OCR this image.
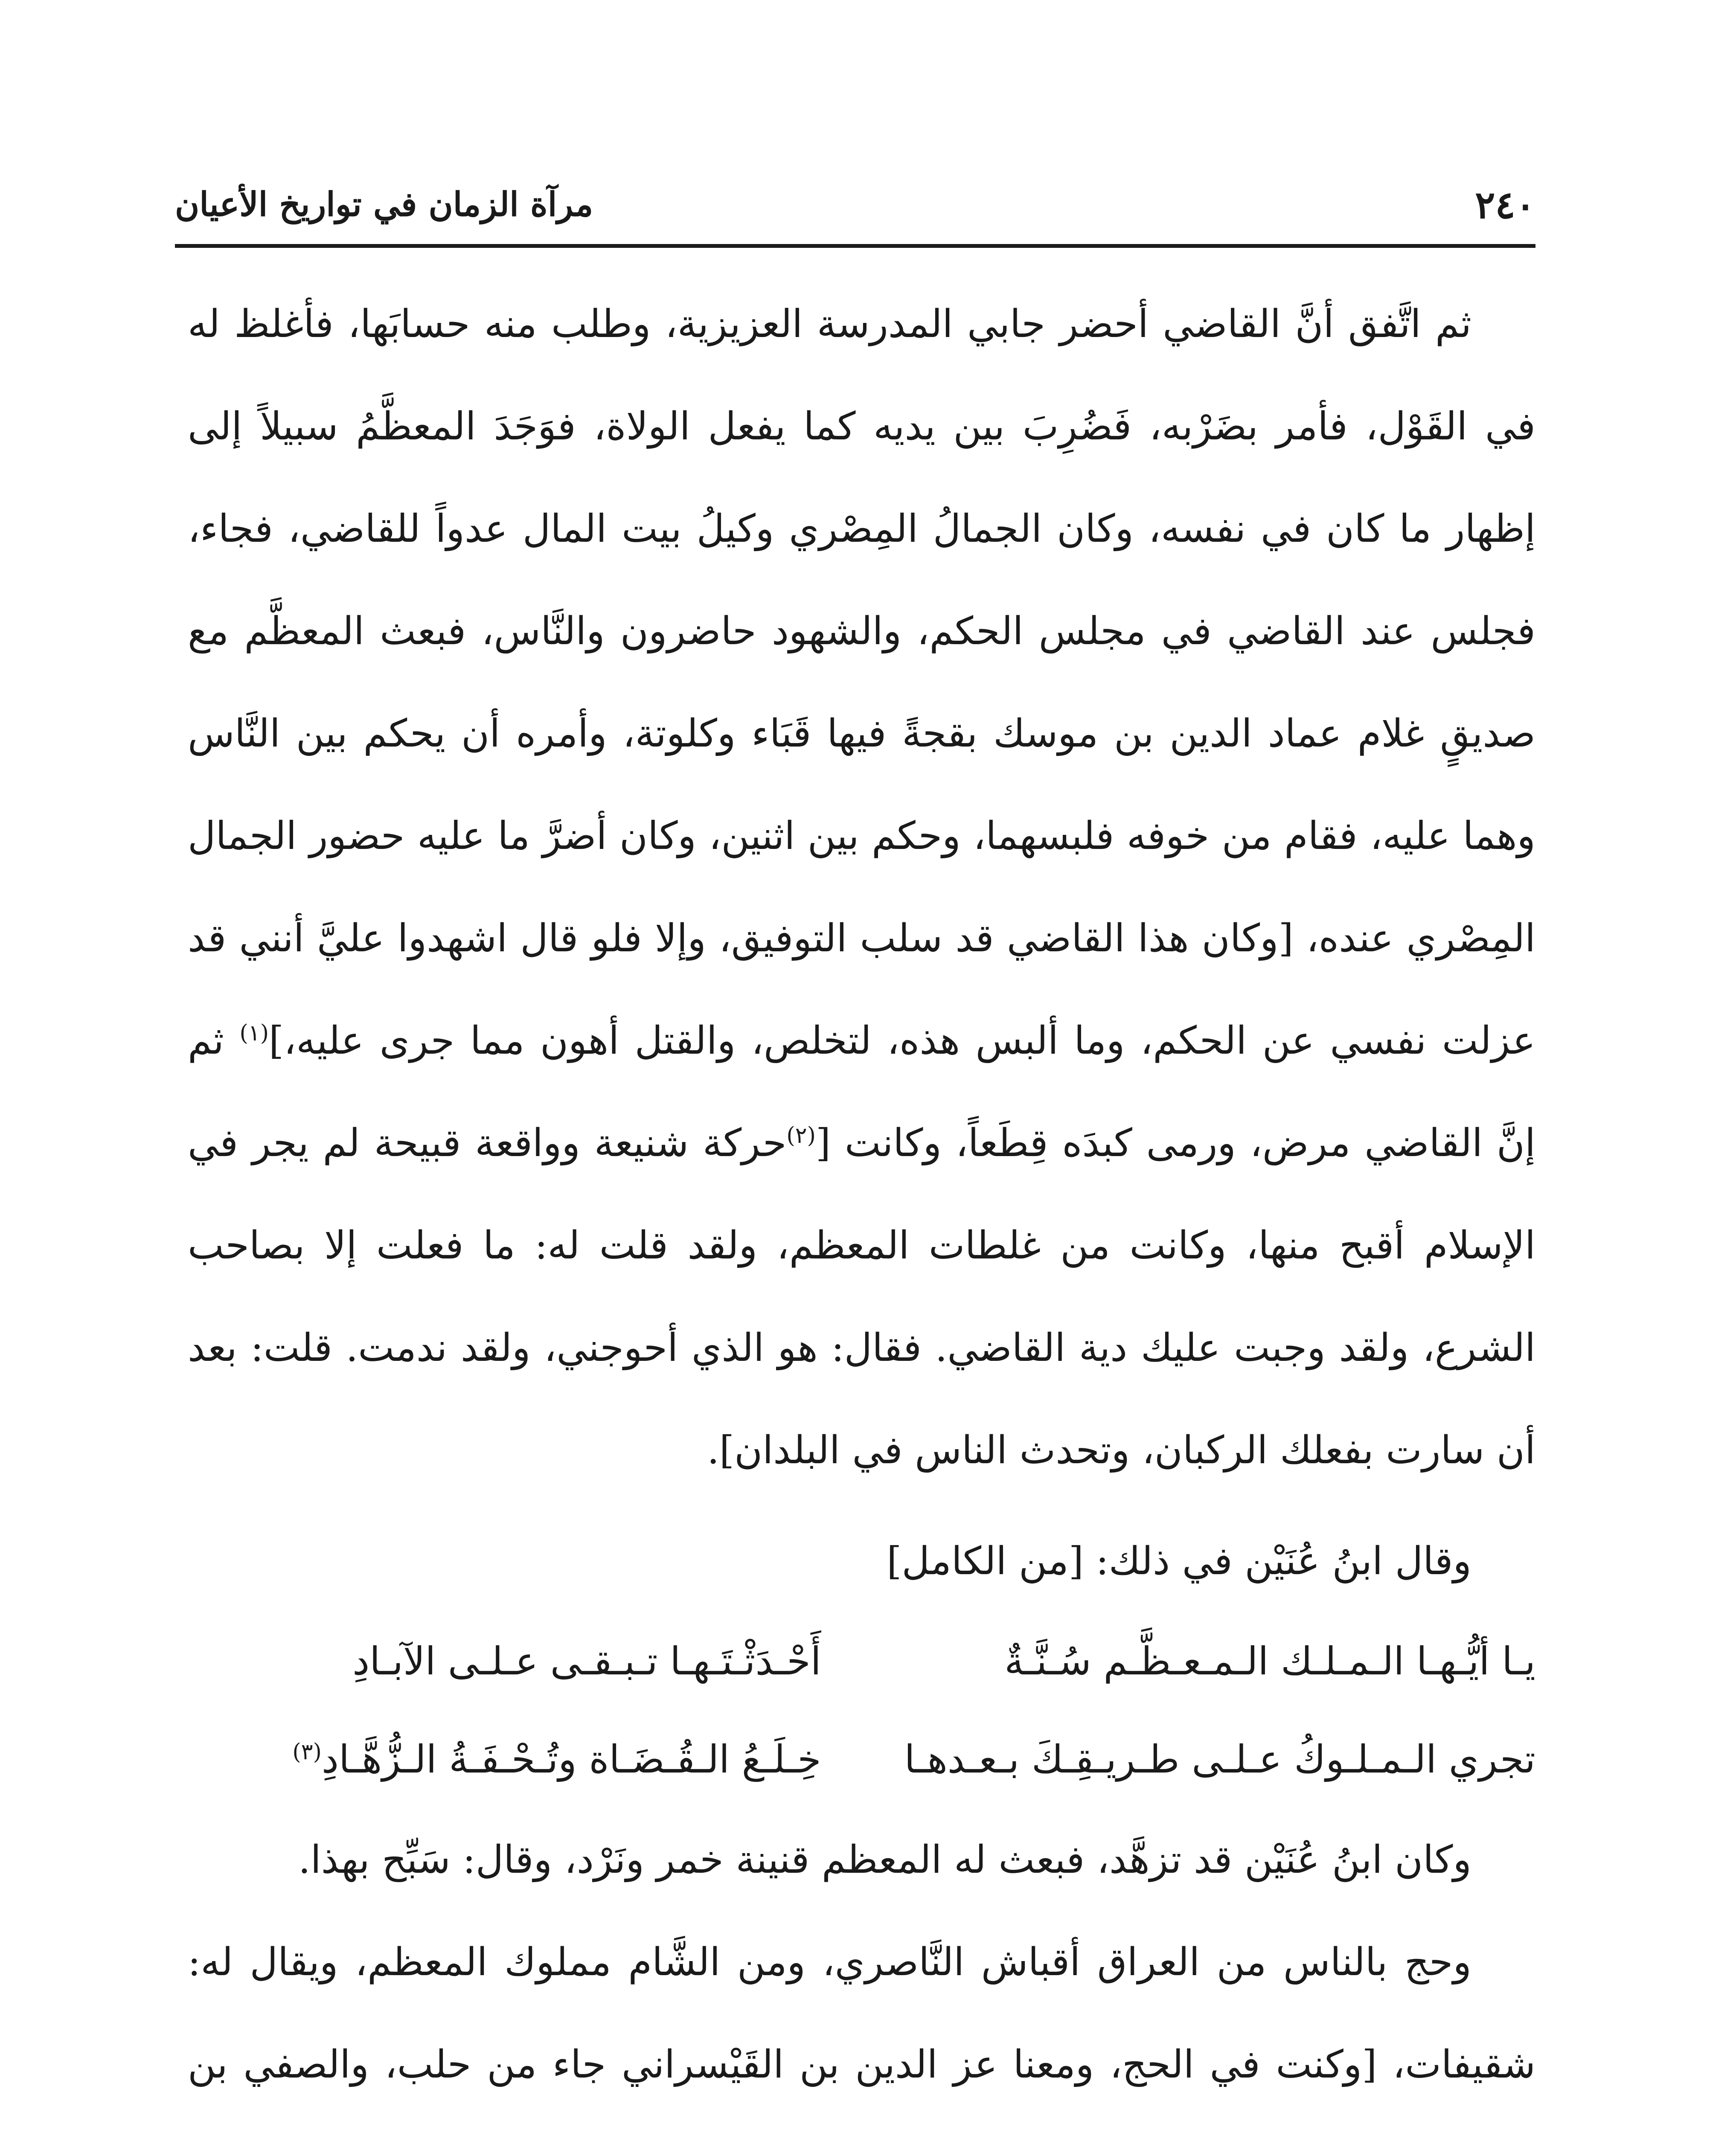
٢٤٠
مرآة الزمان في تواريخ الأعيان

ثم اتَّفق أنَّ القاضي أحضر جابي المدرسة العزيزية، وطلب منه حسابَها، فأغلظ له في القَوْل، فأمر بضَرْبه، فَضُرِبَ بين يديه كما يفعل الولاة، فوَجَدَ المعظَّمُ سبيلاً إلى إظهار ما كان في نفسه، وكان الجمالُ المِصْري وكيلُ بيت المال عدواً للقاضي، فجاء، فجلس عند القاضي في مجلس الحكم، والشهود حاضرون والنَّاس، فبعث المعظَّم مع صديقٍ غلام عماد الدين بن موسك بقجةً فيها قَبَاء وكلوتة، وأمره أن يحكم بين النَّاس وهما عليه، فقام من خوفه فلبسهما، وحكم بين اثنين، وكان أضرَّ ما عليه حضور الجمال المِصْري عنده، [وكان هذا القاضي قد سلب التوفيق، وإلا فلو قال اشهدوا عليَّ أنني قد عزلت نفسي عن الحكم، وما ألبس هذه، لتخلص، والقتل أهون مما جرى عليه،]$^{(١)}$ ثم إنَّ القاضي مرض، ورمى كبدَه قِطَعاً، وكانت [$^{(٢)}$حركة شنيعة وواقعة قبيحة لم يجر في الإسلام أقبح منها، وكانت من غلطات المعظم، ولقد قلت له: ما فعلت إلا بصاحب الشرع، ولقد وجبت عليك دية القاضي. فقال: هو الذي أحوجني، ولقد ندمت. قلت: بعد أن سارت بفعلك الركبان، وتحدث الناس في البلدان].

وقال ابنُ عُنَيْن في ذلك: [من الكامل]

يـا أيُّـهـا الـمـلـك الـمـعـظَّـم سُـنَّـةٌ
أَحْـدَثْـتَـهـا تـبـقـى عـلـى الآبـادِ
تجري الـمـلـوكُ عـلـى طـريـقِـكَ بـعـدهـا
خِـلَـعُ الـقُـضَـاة وتُـحْـفَـةُ الـزُّهَّـادِ$^{(٣)}$

وكان ابنُ عُنَيْن قد تزهَّد، فبعث له المعظم قنينة خمر ونَرْد، وقال: سَبِّح بهذا.

وحج بالناس من العراق أقباش النَّاصري، ومن الشَّام مملوك المعظم، ويقال له: شقيفات، [وكنت في الحج، ومعنا عز الدين بن القَيْسراني جاء من حلب، والصفي بن
